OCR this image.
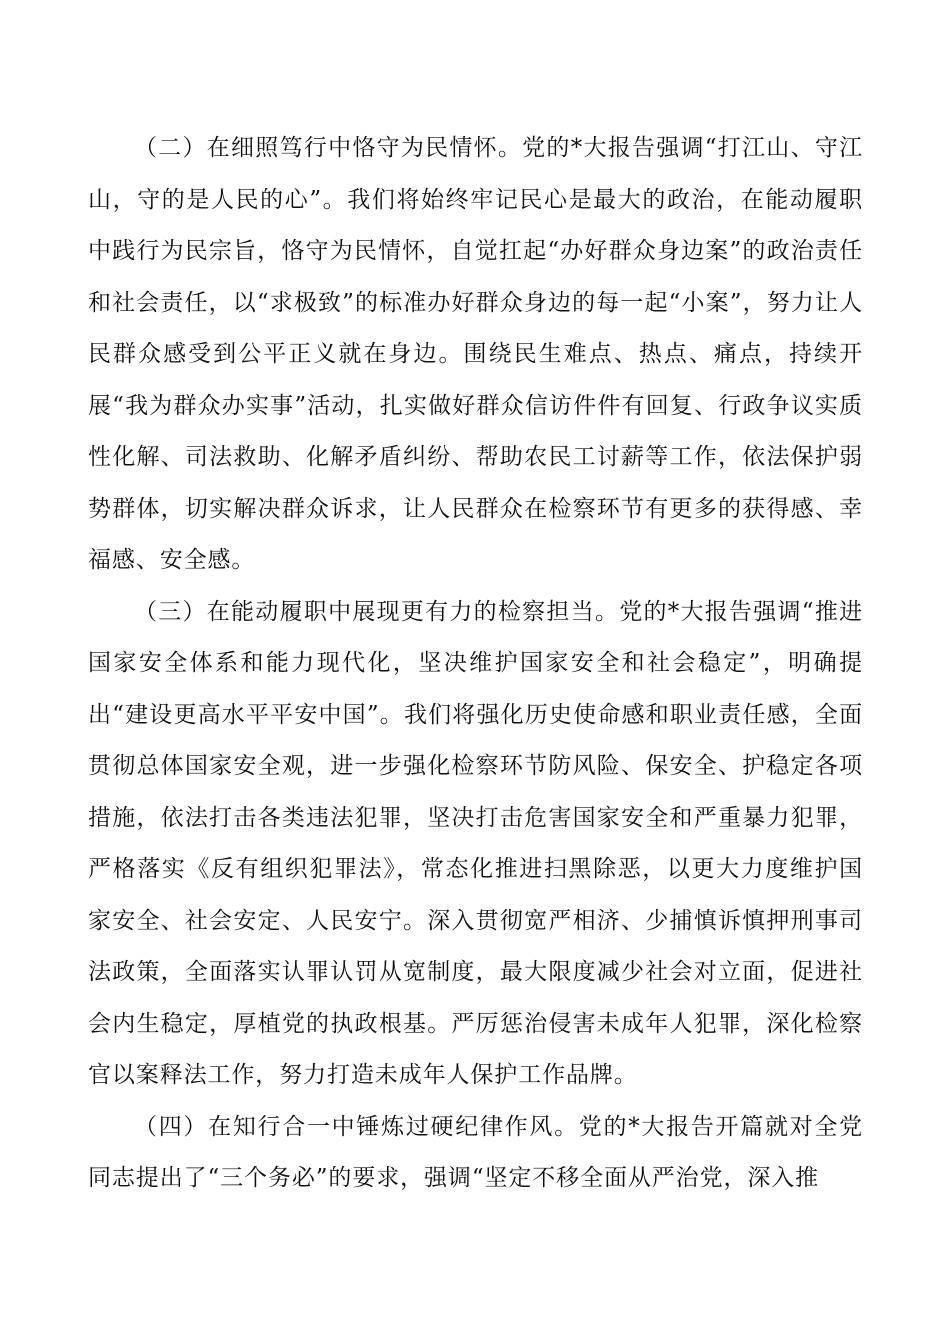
（二）在细照笃行中恪守为民情怀。党的*大报告强调“打江山、守江山，守的是人民的心”。我们将始终牢记民心是最大的政治，在能动履职中践行为民宗旨，恪守为民情怀，自觉扛起“办好群众身边案”的政治责任和社会责任，以“求极致”的标准办好群众身边的每一起“小案”，努力让人民群众感受到公平正义就在身边。围绕民生难点、热点、痛点，持续开展“我为群众办实事”活动，扎实做好群众信访件件有回复、行政争议实质性化解、司法救助、化解矛盾纠纷、帮助农民工讨薪等工作，依法保护弱势群体，切实解决群众诉求，让人民群众在检察环节有更多的获得感、幸福感、安全感。

（三）在能动履职中展现更有力的检察担当。党的*大报告强调“推进国家安全体系和能力现代化，坚决维护国家安全和社会稳定”，明确提出“建设更高水平平安中国”。我们将强化历史使命感和职业责任感，全面贯彻总体国家安全观，进一步强化检察环节防风险、保安全、护稳定各项措施，依法打击各类违法犯罪，坚决打击危害国家安全和严重暴力犯罪，严格落实《反有组织犯罪法》，常态化推进扫黑除恶，以更大力度维护国家安全、社会安定、人民安宁。深入贯彻宽严相济、少捕慎诉慎押刑事司法政策，全面落实认罪认罚从宽制度，最大限度减少社会对立面，促进社会内生稳定，厚植党的执政根基。严厉惩治侵害未成年人犯罪，深化检察官以案释法工作，努力打造未成年人保护工作品牌。

（四）在知行合一中锤炼过硬纪律作风。党的*大报告开篇就对全党同志提出了“三个务必”的要求，强调“坚定不移全面从严治党，深入推
